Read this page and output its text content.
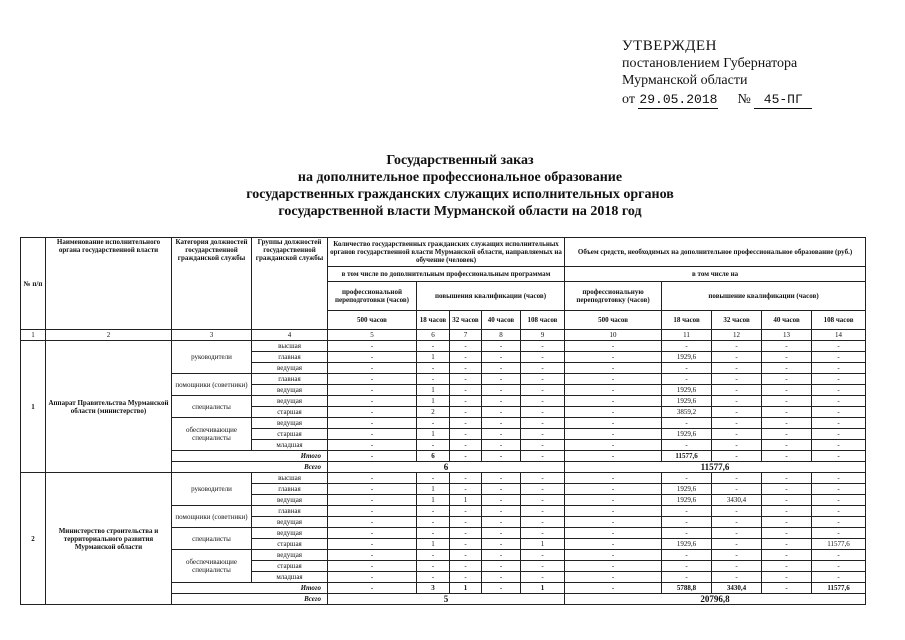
УТВЕРЖДЕН
постановлением Губернатора
Мурманской области
от 29.05.2018 № 45-ПГ
Государственный заказ
на дополнительное профессиональное образование
государственных гражданских служащих исполнительных органов
государственной власти Мурманской области на 2018 год
№ п/п	Наименование исполнительного органа государственной власти	Категория должностей государственной гражданской службы	Группы должностей государственной гражданской службы	Количество государственных гражданских служащих исполнительных органов государственной власти Мурманской области, направляемых на обучение (человек)					Объем средств, необходимых на дополнительное профессиональное образование (руб.)				
				в том числе по дополнительным профессиональным программам					в том числе на				
				профессиональной переподготовки (часов)	повышения квалификации (часов)				профессиональную переподготовку (часов)	повышение квалификации (часов)			
				500 часов	18 часов	32 часов	40 часов	108 часов	500 часов	18 часов	32 часов	40 часов	108 часов
1	2	3	4	5	6	7	8	9	10	11	12	13	14
1	Аппарат Правительства Мурманской области (министерство)	руководители	высшая	-	-	-	-	-	-	-	-	-	-
			главная	-	1	-	-	-	-	1929,6	-	-	-
			ведущая	-	-	-	-	-	-	-	-	-	-
		помощники (советники)	главная	-	-	-	-	-	-	-	-	-	-
			ведущая	-	1	-	-	-	-	1929,6	-	-	-
		специалисты	ведущая	-	1	-	-	-	-	1929,6	-	-	-
			старшая	-	2	-	-	-	-	3859,2	-	-	-
		обеспечивающие специалисты	ведущая	-	-	-	-	-	-	-	-	-	-
			старшая	-	1	-	-	-	-	1929,6	-	-	-
			младшая	-	-	-	-	-	-	-	-	-	-
		Итого		-	6	-	-	-	-	11577,6	-	-	-
		Всего		6					11577,6				
2	Министерство строительства и территориального развития Мурманской области	руководители	высшая	-	-	-	-	-	-	-	-	-	-
			главная	-	1	-	-	-	-	1929,6	-	-	-
			ведущая	-	1	1	-	-	-	1929,6	3430,4	-	-
		помощники (советники)	главная	-	-	-	-	-	-	-	-	-	-
			ведущая	-	-	-	-	-	-	-	-	-	-
		специалисты	ведущая	-	-	-	-	-	-	-	-	-	-
			старшая	-	1	-	-	1	-	1929,6	-	-	11577,6
		обеспечивающие специалисты	ведущая	-	-	-	-	-	-	-	-	-	-
			старшая	-	-	-	-	-	-	-	-	-	-
			младшая	-	-	-	-	-	-	-	-	-	-
		Итого		-	3	1	-	1	-	5788,8	3430,4	-	11577,6
		Всего		5					20796,8				
